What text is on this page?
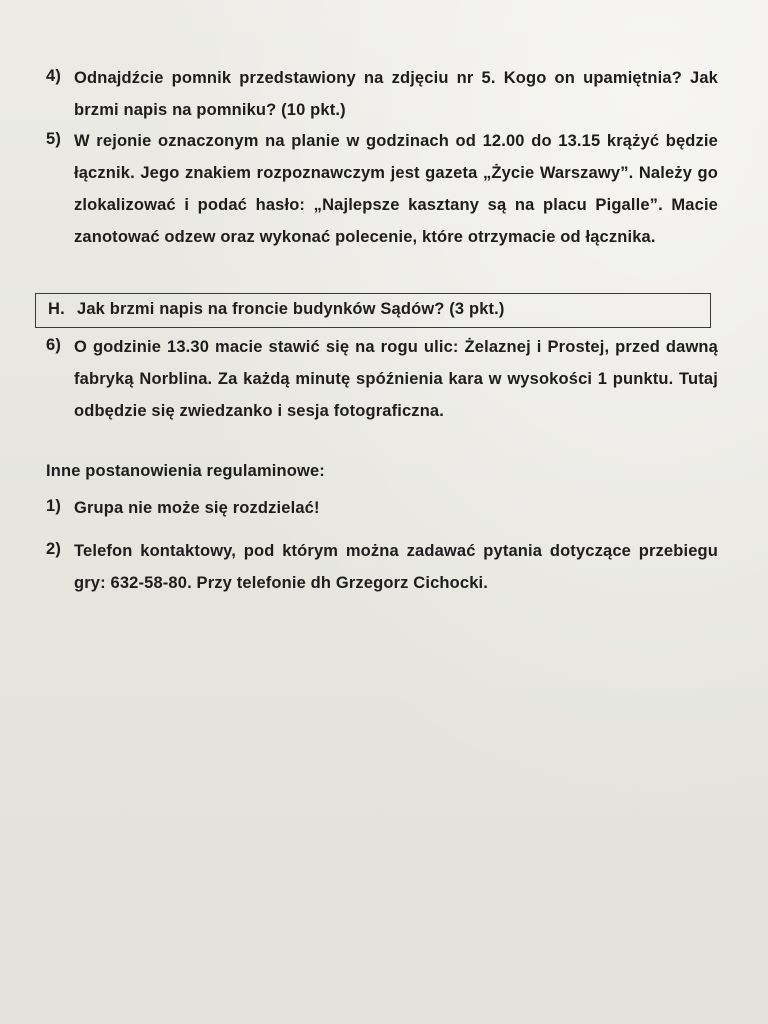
4) Odnajdźcie pomnik przedstawiony na zdjęciu nr 5. Kogo on upamiętnia? Jak brzmi napis na pomniku? (10 pkt.)
5) W rejonie oznaczonym na planie w godzinach od 12.00 do 13.15 krążyć będzie łącznik. Jego znakiem rozpoznawczym jest gazeta „Życie Warszawy”. Należy go zlokalizować i podać hasło: „Najlepsze kasztany są na placu Pigalle”. Macie zanotować odzew oraz wykonać polecenie, które otrzymacie od łącznika.
H. Jak brzmi napis na froncie budynków Sądów? (3 pkt.)
6) O godzinie 13.30 macie stawić się na rogu ulic: Żelaznej i Prostej, przed dawną fabryką Norblina. Za każdą minutę spóźnienia kara w wysokości 1 punktu. Tutaj odbędzie się zwiedzanko i sesja fotograficzna.
Inne postanowienia regulaminowe:
1) Grupa nie może się rozdzielać!
2) Telefon kontaktowy, pod którym można zadawać pytania dotyczące przebiegu gry: 632-58-80. Przy telefonie dh Grzegorz Cichocki.
